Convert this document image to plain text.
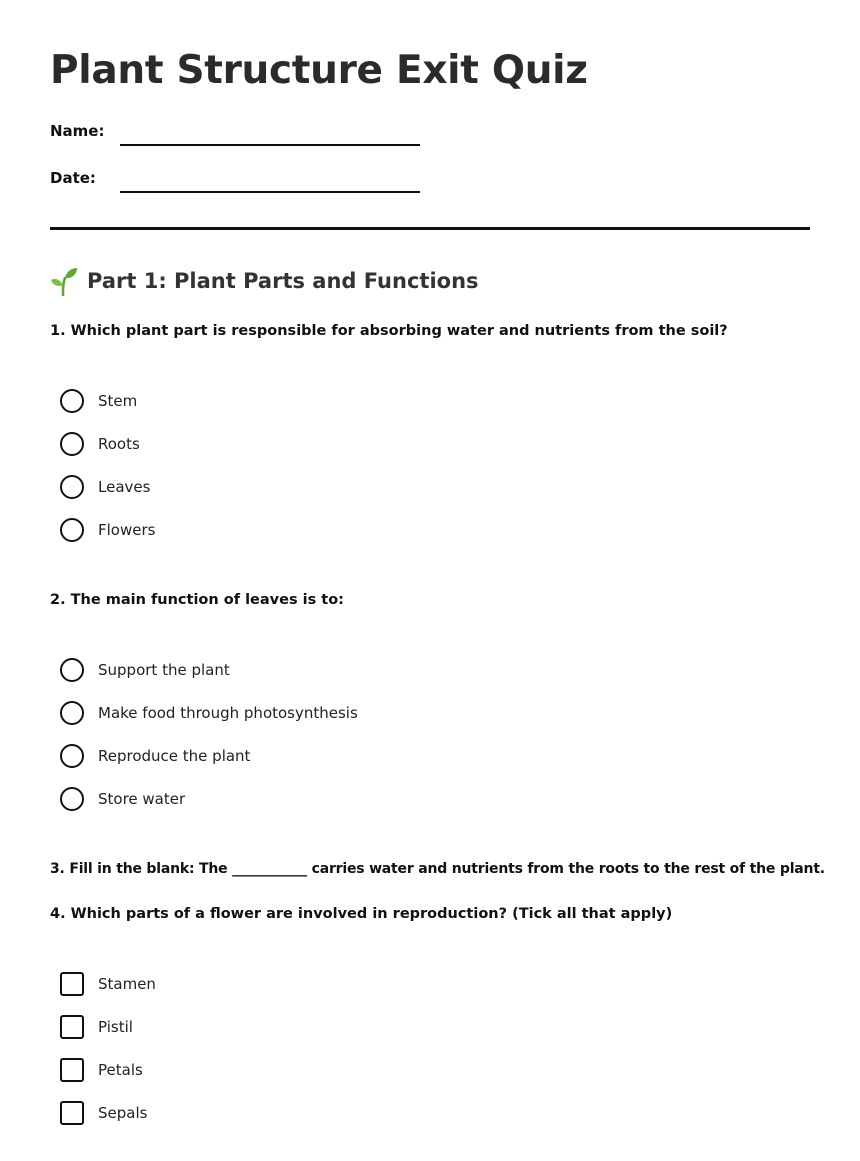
Plant Structure Exit Quiz
Name:
Date:
Part 1: Plant Parts and Functions

1. Which plant part is responsible for absorbing water and nutrients from the soil?

Stem
Roots
Leaves
Flowers

2. The main function of leaves is to:

Support the plant
Make food through photosynthesis
Reproduce the plant
Store water

3. Fill in the blank: The ___________ carries water and nutrients from the roots to the rest of the plant.

4. Which parts of a flower are involved in reproduction? (Tick all that apply)

Stamen
Pistil
Petals
Sepals
